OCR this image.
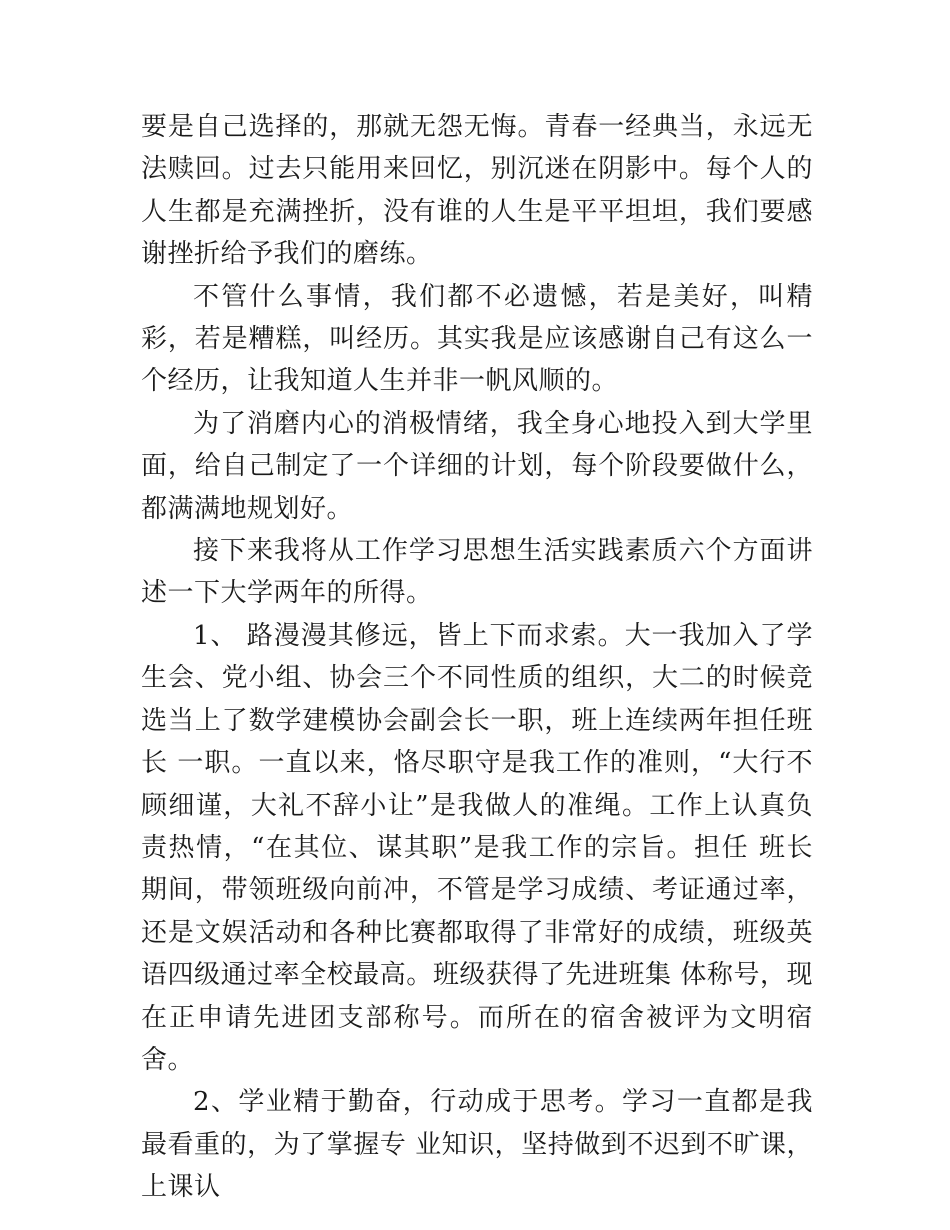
要是自己选择的，那就无怨无悔。青春一经典当，永远无法赎回。过去只能用来回忆，别沉迷在阴影中。每个人的人生都是充满挫折，没有谁的人生是平平坦坦，我们要感谢挫折给予我们的磨练。

不管什么事情，我们都不必遗憾，若是美好，叫精彩，若是糟糕，叫经历。其实我是应该感谢自己有这么一个经历，让我知道人生并非一帆风顺的。

为了消磨内心的消极情绪，我全身心地投入到大学里面，给自己制定了一个详细的计划，每个阶段要做什么，都满满地规划好。

接下来我将从工作学习思想生活实践素质六个方面讲述一下大学两年的所得。

1、 路漫漫其修远，皆上下而求索。大一我加入了学生会、党小组、协会三个不同性质的组织，大二的时候竞选当上了数学建模协会副会长一职，班上连续两年担任班长 一职。一直以来，恪尽职守是我工作的准则，“大行不顾细谨，大礼不辞小让”是我做人的准绳。工作上认真负责热情，“在其位、谋其职”是我工作的宗旨。担任 班长期间，带领班级向前冲，不管是学习成绩、考证通过率，还是文娱活动和各种比赛都取得了非常好的成绩，班级英语四级通过率全校最高。班级获得了先进班集 体称号，现在正申请先进团支部称号。而所在的宿舍被评为文明宿舍。

2、学业精于勤奋，行动成于思考。学习一直都是我最看重的，为了掌握专 业知识，坚持做到不迟到不旷课，上课认
